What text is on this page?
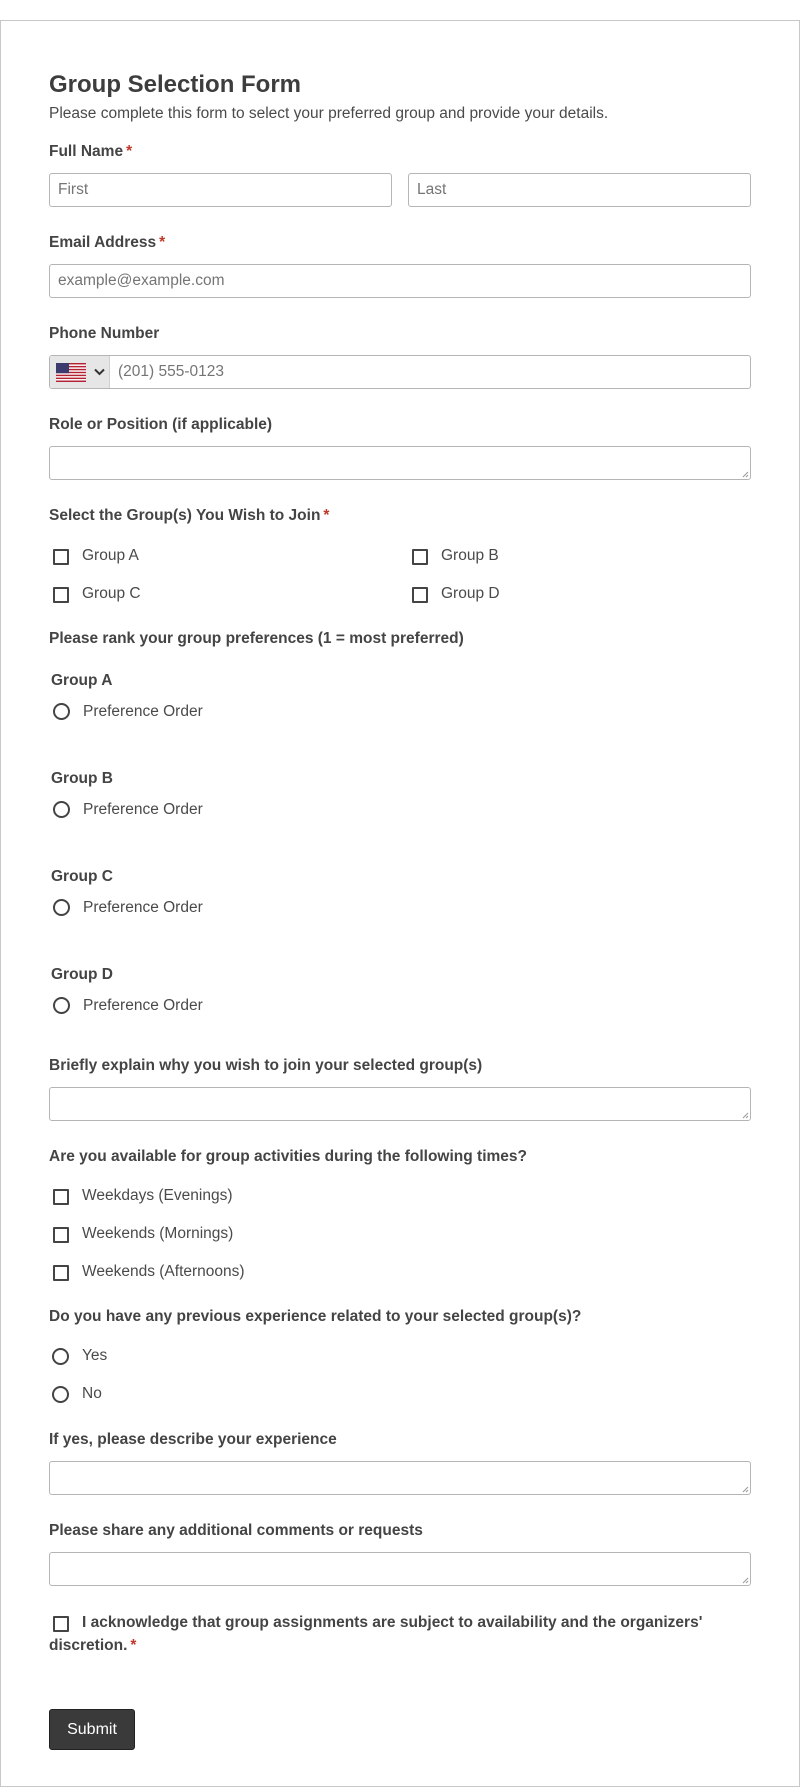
Group Selection Form
Please complete this form to select your preferred group and provide your details.
Full Name *
First
Last
Email Address *
example@example.com
Phone Number
(201) 555-0123
Role or Position (if applicable)
Select the Group(s) You Wish to Join *
Group A	Group B
Group C	Group D
Please rank your group preferences (1 = most preferred)
Group A
Preference Order
Group B
Preference Order
Group C
Preference Order
Group D
Preference Order
Briefly explain why you wish to join your selected group(s)
Are you available for group activities during the following times?
Weekdays (Evenings)
Weekends (Mornings)
Weekends (Afternoons)
Do you have any previous experience related to your selected group(s)?
Yes
No
If yes, please describe your experience
Please share any additional comments or requests
I acknowledge that group assignments are subject to availability and the organizers'
discretion. *
Submit
